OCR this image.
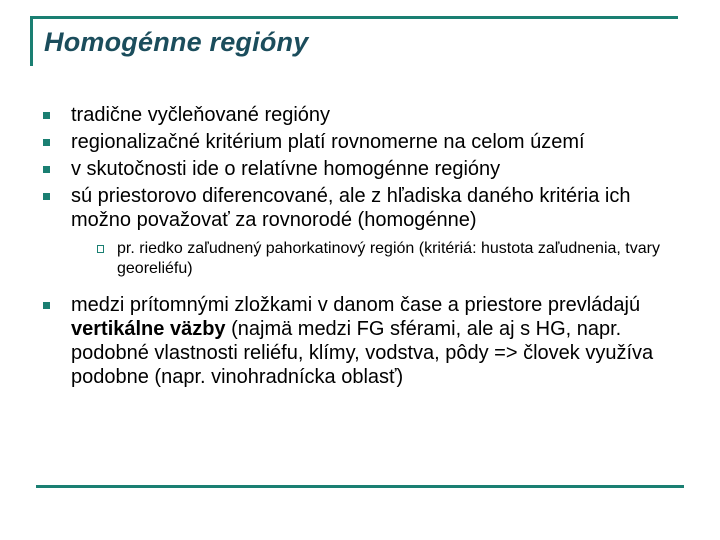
Homogénne regióny
tradične vyčleňované regióny
regionalizačné kritérium platí rovnomerne na celom území
v skutočnosti ide o relatívne homogénne regióny
sú priestorovo diferencované, ale z hľadiska daného kritéria ich možno považovať za rovnorodé (homogénne)
pr. riedko zaľudnený pahorkatinový región (kritériá: hustota zaľudnenia, tvary georeliéfu)
medzi prítomnými zložkami v danom čase a priestore prevládajú vertikálne väzby (najmä medzi FG sférami, ale aj s HG, napr. podobné vlastnosti reliéfu, klímy, vodstva, pôdy => človek využíva podobne (napr. vinohradnícka oblasť)
